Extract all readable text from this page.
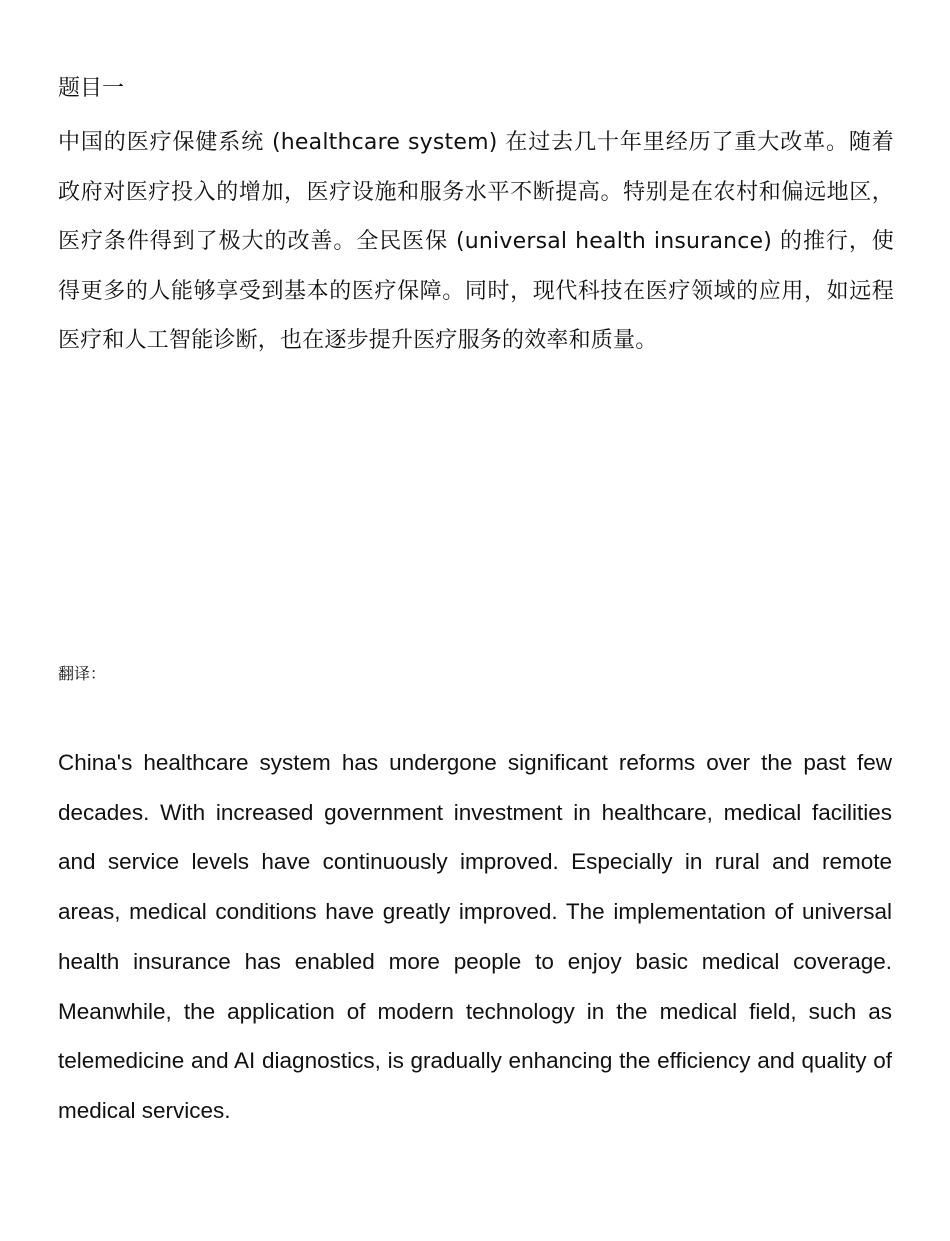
题目一

中国的医疗保健系统 (healthcare system) 在过去几十年里经历了重大改革。随着政府对医疗投入的增加，医疗设施和服务水平不断提高。特别是在农村和偏远地区，医疗条件得到了极大的改善。全民医保 (universal health insurance) 的推行，使得更多的人能够享受到基本的医疗保障。同时，现代科技在医疗领域的应用，如远程医疗和人工智能诊断，也在逐步提升医疗服务的效率和质量。

翻译：

China's healthcare system has undergone significant reforms over the past few decades. With increased government investment in healthcare, medical facilities and service levels have continuously improved. Especially in rural and remote areas, medical conditions have greatly improved. The implementation of universal health insurance has enabled more people to enjoy basic medical coverage. Meanwhile, the application of modern technology in the medical field, such as telemedicine and AI diagnostics, is gradually enhancing the efficiency and quality of medical services.
